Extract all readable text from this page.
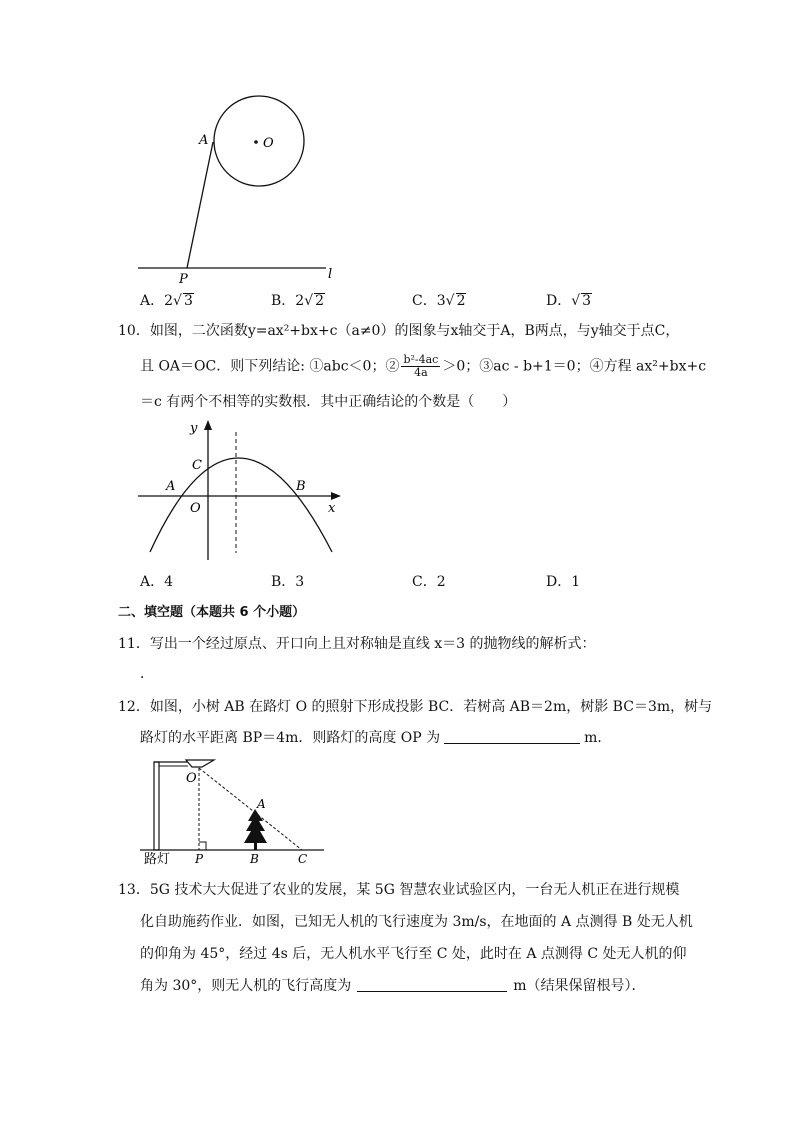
A	O
P	l
A．2√ 3	B．2√ 2	C．3√ 2	D．√ 3
10．如图，二次函数y=ax²+bx+c（a≠0）的图象与x轴交于A，B两点，与y轴交于点C，
且 OA＝OC．则下列结论: ①abc＜0；② $\frac{\text{b²-4ac}}{4a} >0$；③ac - b+1＝0；④方程 ax²+bx+c
＝c 有两个不相等的实数根．其中正确结论的个数是（　　）
y
x
C
A	B
O
A．4	B．3	C．2	D．1
二、填空题（本题共 6 个小题）
11．写出一个经过原点、开口向上且对称轴是直线 x＝3 的抛物线的解析式：
．
12．如图，小树 AB 在路灯 O 的照射下形成投影 BC．若树高 AB＝2m，树影 BC＝3m，树与
路灯的水平距离 BP＝4m．则路灯的高度 OP 为	m．
O
A
P	B	C
路灯
13．5G 技术大大促进了农业的发展，某 5G 智慧农业试验区内，一台无人机正在进行规模
化自助施药作业．如图，已知无人机的飞行速度为 3m/s，在地面的 A 点测得 B 处无人机
的仰角为 45°，经过 4s 后，无人机水平飞行至 C 处，此时在 A 点测得 C 处无人机的仰
角为 30°，则无人机的飞行高度为	m（结果保留根号）．
